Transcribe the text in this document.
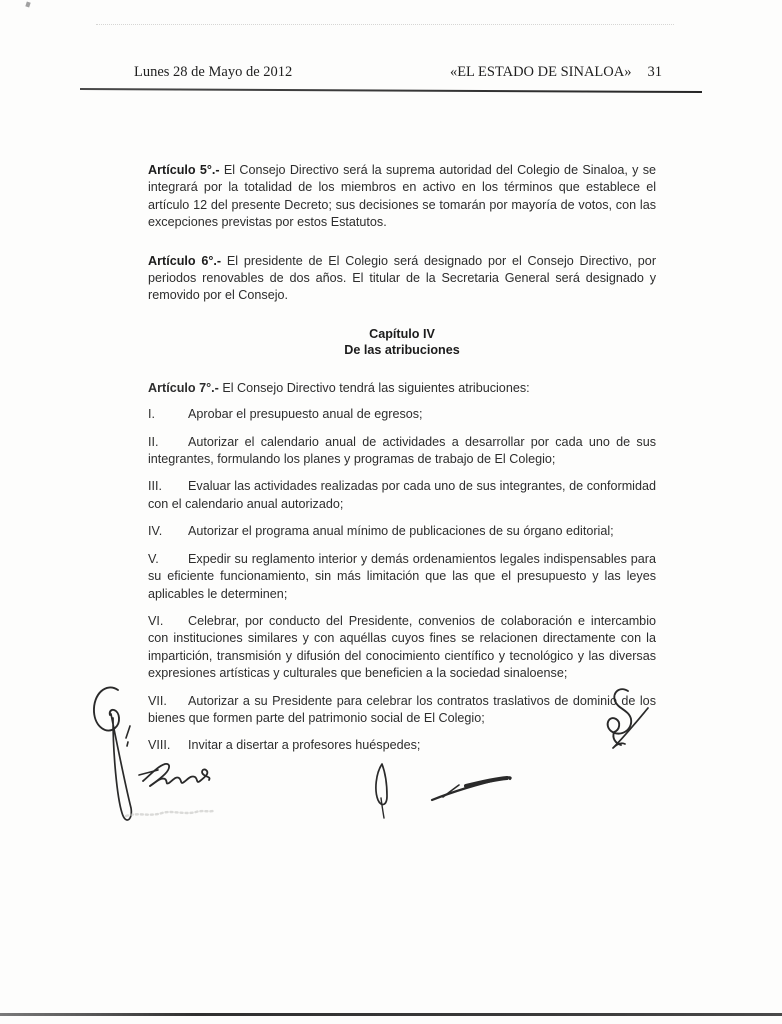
Lunes 28 de Mayo de 2012	«EL ESTADO DE SINALOA» 31

Artículo 5°.- El Consejo Directivo será la suprema autoridad del Colegio de Sinaloa, y se integrará por la totalidad de los miembros en activo en los términos que establece el artículo 12 del presente Decreto; sus decisiones se tomarán por mayoría de votos, con las excepciones previstas por estos Estatutos.

Artículo 6°.- El presidente de El Colegio será designado por el Consejo Directivo, por periodos renovables de dos años. El titular de la Secretaria General será designado y removido por el Consejo.

Capítulo IV
De las atribuciones

Artículo 7°.- El Consejo Directivo tendrá las siguientes atribuciones:

I.	Aprobar el presupuesto anual de egresos;

II. Autorizar el calendario anual de actividades a desarrollar por cada uno de sus integrantes, formulando los planes y programas de trabajo de El Colegio;

III. Evaluar las actividades realizadas por cada uno de sus integrantes, de conformidad con el calendario anual autorizado;

IV. Autorizar el programa anual mínimo de publicaciones de su órgano editorial;

V. Expedir su reglamento interior y demás ordenamientos legales indispensables para su eficiente funcionamiento, sin más limitación que las que el presupuesto y las leyes aplicables le determinen;

VI. Celebrar, por conducto del Presidente, convenios de colaboración e intercambio con instituciones similares y con aquéllas cuyos fines se relacionen directamente con la impartición, transmisión y difusión del conocimiento científico y tecnológico y las diversas expresiones artísticas y culturales que beneficien a la sociedad sinaloense;

VII. Autorizar a su Presidente para celebrar los contratos traslativos de dominio de los bienes que formen parte del patrimonio social de El Colegio;

VIII. Invitar a disertar a profesores huéspedes;
